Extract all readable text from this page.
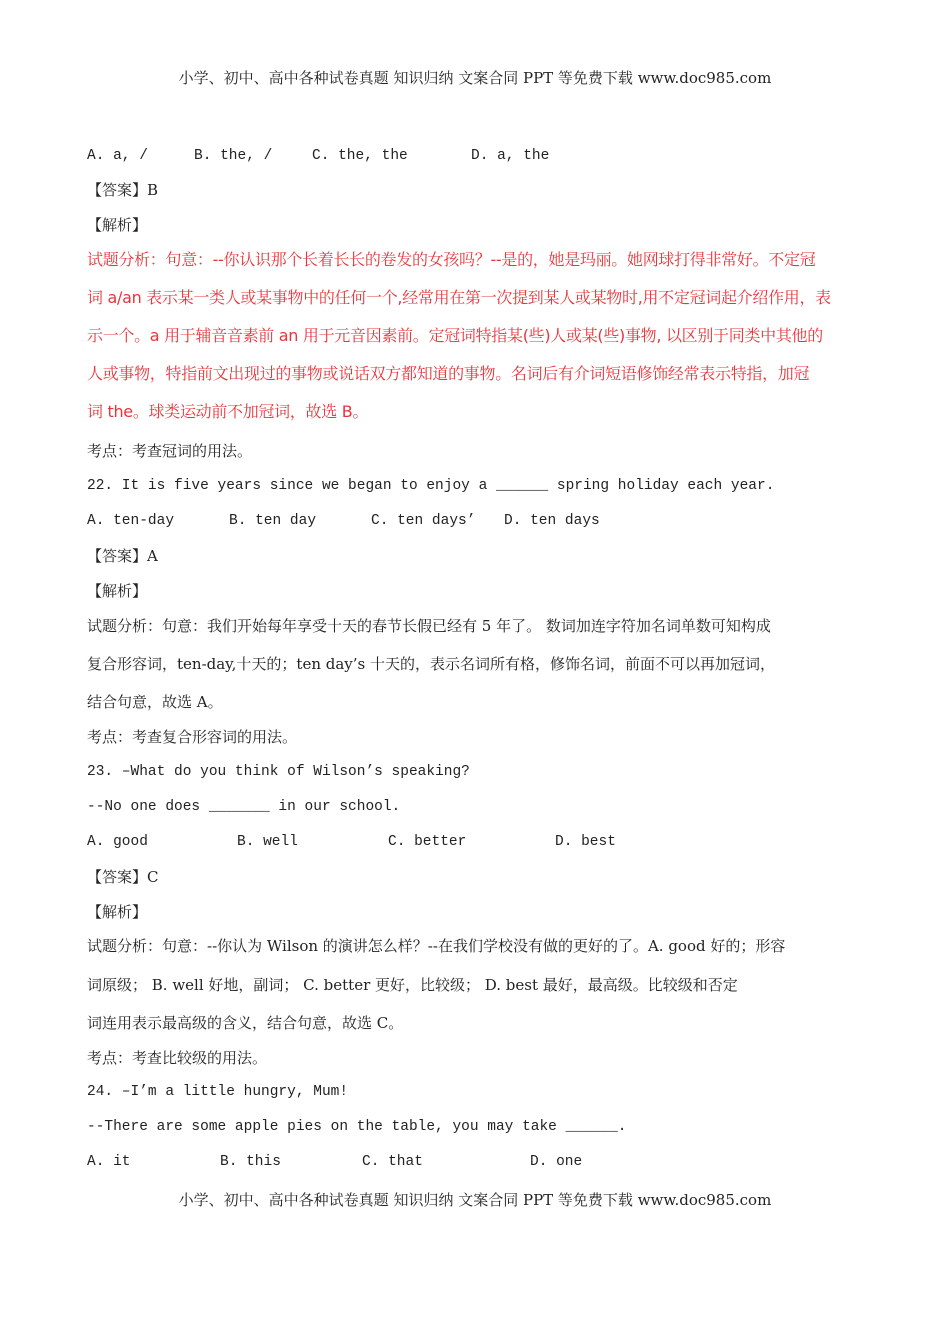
小学、初中、高中各种试卷真题 知识归纳 文案合同 PPT 等免费下载 www.doc985.com
A. a, /	B. the, /	C. the, the	D. a, the
【答案】B
【解析】
试题分析：句意：--你认识那个长着长长的卷发的女孩吗？--是的，她是玛丽。她网球打得非常好。不定冠
词 a/an 表示某一类人或某事物中的任何一个,经常用在第一次提到某人或某物时,用不定冠词起介绍作用，表
示一个。a 用于辅音音素前 an 用于元音因素前。定冠词特指某(些)人或某(些)事物, 以区别于同类中其他的
人或事物，特指前文出现过的事物或说话双方都知道的事物。名词后有介词短语修饰经常表示特指，加冠
词 the。球类运动前不加冠词，故选 B。
考点：考查冠词的用法。
22. It is five years since we began to enjoy a ______ spring holiday each year.
A. ten-day	B. ten day	C. ten days’ D. ten days
【答案】A
【解析】
试题分析：句意：我们开始每年享受十天的春节长假已经有 5 年了。 数词加连字符加名词单数可知构成
复合形容词，ten-day,十天的；ten day’s 十天的，表示名词所有格，修饰名词，前面不可以再加冠词，
结合句意，故选 A。
考点：考查复合形容词的用法。
23. –What do you think of Wilson’s speaking?
--No one does _______ in our school.
A. good	B. well	C. better	D. best
【答案】C
【解析】
试题分析：句意：--你认为 Wilson 的演讲怎么样？--在我们学校没有做的更好的了。A. good 好的；形容
词原级； B. well 好地，副词； C. better 更好，比较级； D. best 最好，最高级。比较级和否定
词连用表示最高级的含义，结合句意，故选 C。
考点：考查比较级的用法。
24. –I’m a little hungry, Mum!
--There are some apple pies on the table, you may take ______.
A. it	B. this	C. that	D. one
小学、初中、高中各种试卷真题 知识归纳 文案合同 PPT 等免费下载 www.doc985.com
